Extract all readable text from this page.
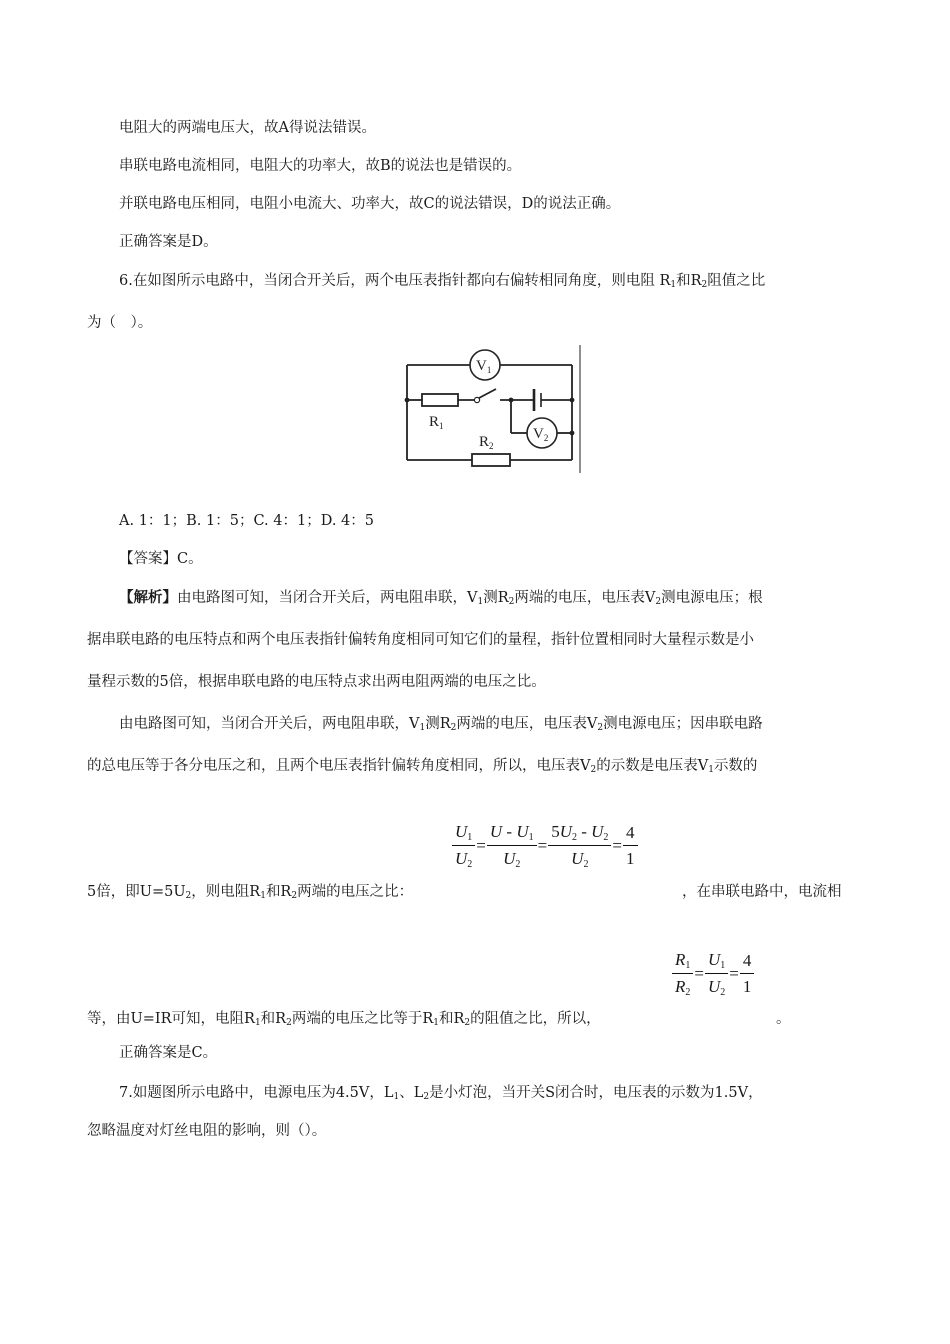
电阻大的两端电压大，故A得说法错误。
串联电路电流相同，电阻大的功率大，故B的说法也是错误的。
并联电路电压相同，电阻小电流大、功率大，故C的说法错误，D的说法正确。
正确答案是D。
6.在如图所示电路中，当闭合开关后，两个电压表指针都向右偏转相同角度，则电阻 $R_1$和$R_2$阻值之比
为（　）。
$V_1$
$V_2$
$R_1$
$R_2$
A. 1：1；B. 1：5；C. 4：1；D. 4：5
【答案】C。
【解析】由电路图可知，当闭合开关后，两电阻串联，$V_1$测$R_2$两端的电压，电压表$V_2$测电源电压；根
据串联电路的电压特点和两个电压表指针偏转角度相同可知它们的量程，指针位置相同时大量程示数是小
量程示数的5倍，根据串联电路的电压特点求出两电阻两端的电压之比。
由电路图可知，当闭合开关后，两电阻串联，$V_1$测$R_2$两端的电压，电压表$V_2$测电源电压；因串联电路
的总电压等于各分电压之和，且两个电压表指针偏转角度相同，所以，电压表$V_2$的示数是电压表$V_1$示数的
$\frac{U_1}{U_2} = \frac{U - U_1}{U_2} = \frac{5U_2 - U_2}{U_2} = \frac{4}{1}$
5倍，即$U=5U_2$，则电阻$R_1$和$R_2$两端的电压之比：	，在串联电路中，电流相
$\frac{R_1}{R_2} = \frac{U_1}{U_2} = \frac{4}{1}$
等，由U=IR可知，电阻$R_1$和$R_2$两端的电压之比等于$R_1$和$R_2$的阻值之比，所以，	。
正确答案是C。
7.如题图所示电路中，电源电压为4.5V，$L_1$、$L_2$是小灯泡，当开关S闭合时，电压表的示数为1.5V，
忽略温度对灯丝电阻的影响，则（）。
